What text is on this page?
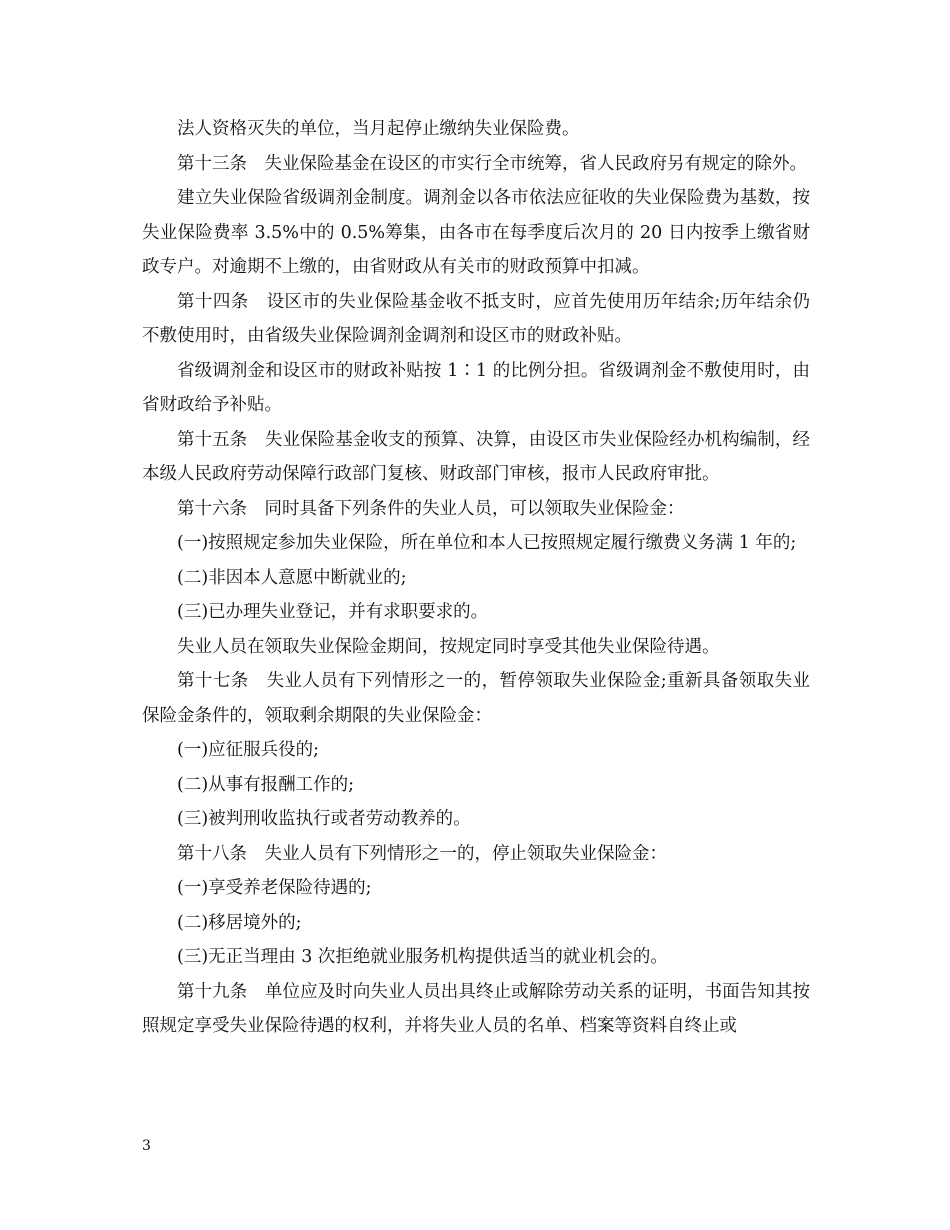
法人资格灭失的单位，当月起停止缴纳失业保险费。

第十三条　失业保险基金在设区的市实行全市统筹，省人民政府另有规定的除外。

建立失业保险省级调剂金制度。调剂金以各市依法应征收的失业保险费为基数，按失业保险费率 3.5%中的 0.5%筹集，由各市在每季度后次月的 20 日内按季上缴省财政专户。对逾期不上缴的，由省财政从有关市的财政预算中扣减。

第十四条　设区市的失业保险基金收不抵支时，应首先使用历年结余;历年结余仍不敷使用时，由省级失业保险调剂金调剂和设区市的财政补贴。

省级调剂金和设区市的财政补贴按 1∶1 的比例分担。省级调剂金不敷使用时，由省财政给予补贴。

第十五条　失业保险基金收支的预算、决算，由设区市失业保险经办机构编制，经本级人民政府劳动保障行政部门复核、财政部门审核，报市人民政府审批。

第十六条　同时具备下列条件的失业人员，可以领取失业保险金：

(一)按照规定参加失业保险，所在单位和本人已按照规定履行缴费义务满 1 年的;

(二)非因本人意愿中断就业的;

(三)已办理失业登记，并有求职要求的。

失业人员在领取失业保险金期间，按规定同时享受其他失业保险待遇。

第十七条　失业人员有下列情形之一的，暂停领取失业保险金;重新具备领取失业保险金条件的，领取剩余期限的失业保险金：

(一)应征服兵役的;

(二)从事有报酬工作的;

(三)被判刑收监执行或者劳动教养的。

第十八条　失业人员有下列情形之一的，停止领取失业保险金：

(一)享受养老保险待遇的;

(二)移居境外的;

(三)无正当理由 3 次拒绝就业服务机构提供适当的就业机会的。

第十九条　单位应及时向失业人员出具终止或解除劳动关系的证明，书面告知其按照规定享受失业保险待遇的权利，并将失业人员的名单、档案等资料自终止或

3
